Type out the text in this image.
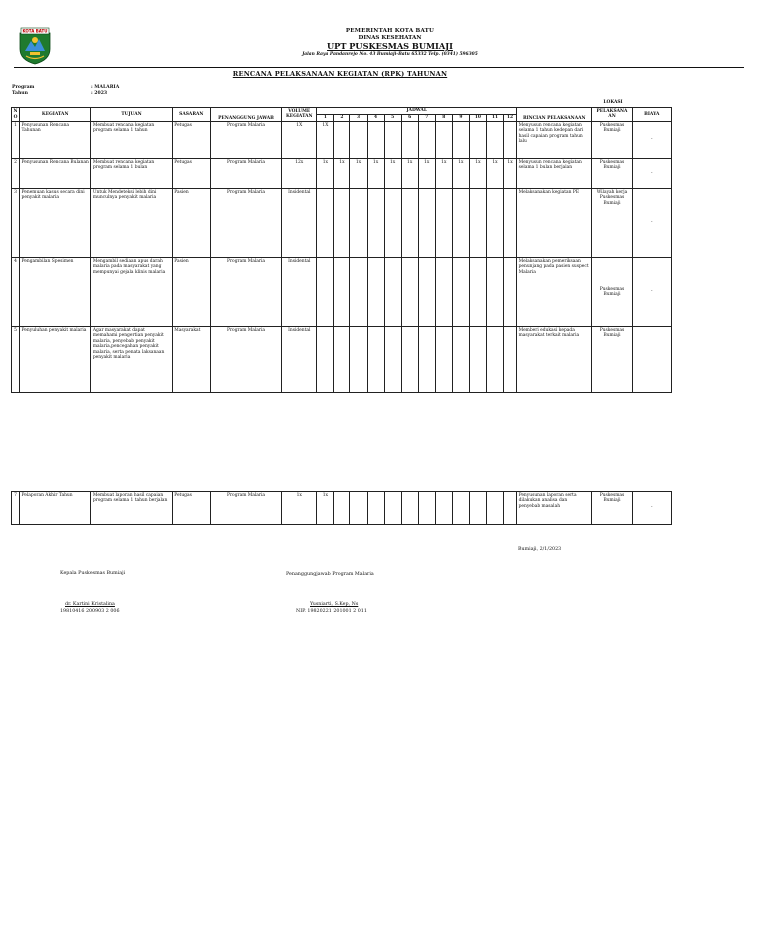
KOTA BATU	PEMERINTAH KOTA BATU
DINAS KESEHATAN
UPT PUSKESMAS BUMIAJI
Jalan Raya Pandanrejo No. 43 Bumiaji-Batu 65332 Telp. (0341) 596305
RENCANA PELAKSANAAN KEGIATAN (RPK) TAHUNAN
Program
Tahun
: MALARIA
: 2023
LOKASI
NO	KEGIATAN	TUJUAN	SASARAN	PENANGGUNG JAWAB	VOLUME KEGIATAN	JADWAL												RINCIAN PELAKSANAAN	PELAKSANA AN	BIAYA
						1	2	3	4	5	6	7	8	9	10	11	12			
1	Penyusunan Rencana Tahunan	Membuat rencana kegiatan program selama 1 tahun	Petugas	Program Malaria	1X	1X												Menyusun rencana kegiatan selama 1 tahun kedepan dari hasil capaian program tahun lalu	Puskesmas Bumiaji	-
2	Penyusunan Rencana Bulanan	Membuat rencana kegiatan program selama 1 bulan	Petugas	Program Malaria	12x	1x	1x	1x	1x	1x	1x	1x	1x	1x	1x	1x	1x	Menyusun rencana kegiatan selama 1 bulan berjalan	Puskesmas Bumiaji	-
3	Penemuan kasus secara dini penyakit malaria	Untuk Mendeteksi lebih dini munculnya penyakit malaria	Pasien	Program Malaria	Insidental													Melaksanakan kegiatan PE	Wilayah kerja Puskesmas Bumiaji	-
4	Pengambilan Spesimen	Mengambil sediaan apus darah malaria pada masyarakat yang mempunyai gejala klinis malaria	Pasien	Program Malaria	Insidental													Melaksanakan pemeriksaan penunjang pada pasien suspect Malaria	Puskesmas Bumiaji	-
5	Penyuluhan penyakit malaria	Agar masyarakat dapat memahami pengertian penyakit malaria, penyebab penyakit malaria,pencegahan penyakit malaria, serta penata laksanaan penyakit malaria	Masyarakat	Program Malaria	Insidental													Memberi edukasi kepada masyarakat terkait malaria	Puskesmas Bumiaji	
7	Pelaporan Akhir Tahun	Membuat laporan hasil capaian program selama 1 tahun berjalan	Petugas	Program Malaria	1x	1x												Penyusunan laporan serta dilakukan analisa dan penyebab masalah	Puskesmas Bumiaji	-
Bumiaji, 2/1/2023
Kepala Puskesmas Bumiaji	Penanggungjawab Program Malaria
dr. Kartini Kristalina
19810416 200903 2 006
Yusniarti, S.Kep, Ns
NIP. 19820221 201001 2 011
